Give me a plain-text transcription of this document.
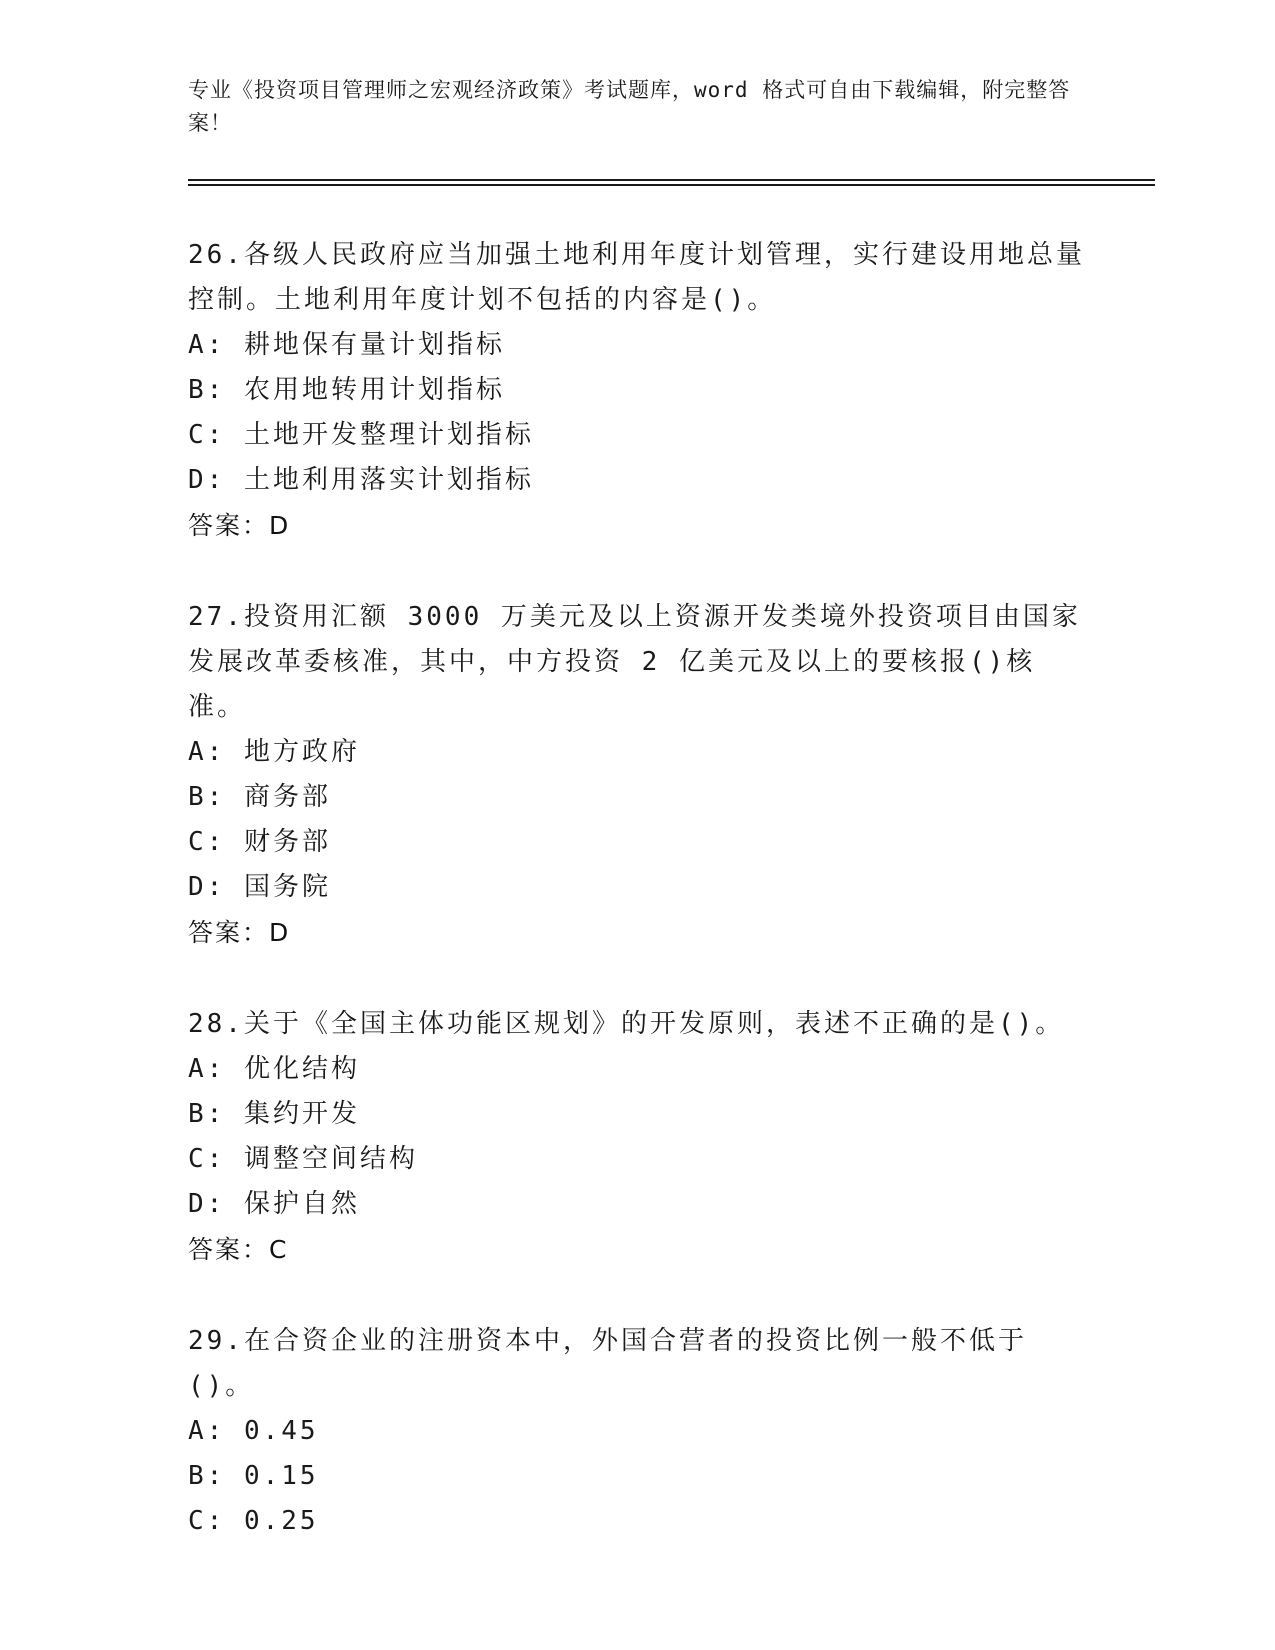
专业《投资项目管理师之宏观经济政策》考试题库，word 格式可自由下载编辑，附完整答案！

26.各级人民政府应当加强土地利用年度计划管理，实行建设用地总量控制。土地利用年度计划不包括的内容是()。

A: 耕地保有量计划指标

B: 农用地转用计划指标

C: 土地开发整理计划指标

D: 土地利用落实计划指标

答案：D

27.投资用汇额 3000 万美元及以上资源开发类境外投资项目由国家发展改革委核准，其中，中方投资 2 亿美元及以上的要核报()核准。

A: 地方政府

B: 商务部

C: 财务部

D: 国务院

答案：D

28.关于《全国主体功能区规划》的开发原则，表述不正确的是()。

A: 优化结构

B: 集约开发

C: 调整空间结构

D: 保护自然

答案：C

29.在合资企业的注册资本中，外国合营者的投资比例一般不低于()。

A: 0.45

B: 0.15

C: 0.25
